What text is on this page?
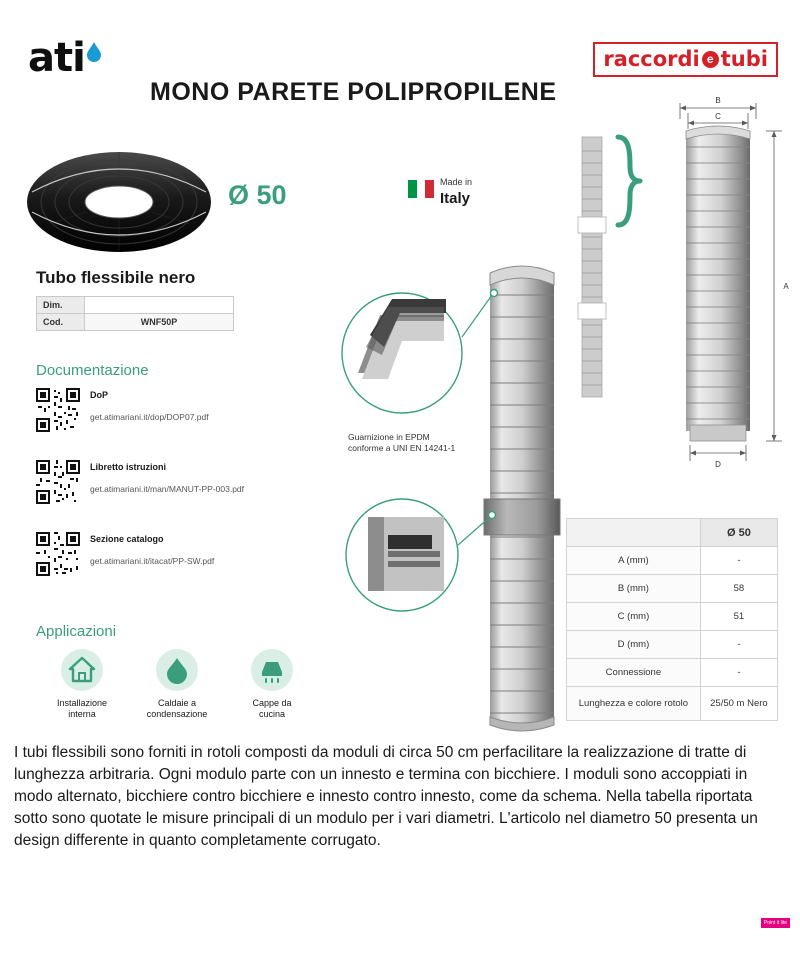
ati
MONO PARETE POLIPROPILENE
raccordi e tubi
Ø 50	Made in
Italy
Tubo flessibile nero
Dim.	
Cod.	WNF50P
Documentazione
DoP
get.atimariani.it/dop/DOP07.pdf
Libretto istruzioni
get.atimariani.it/man/MANUT-PP-003.pdf
Sezione catalogo
get.atimariani.it/itacat/PP-SW.pdf
Applicazioni
Installazione
interna
Caldaie a
condensazione
Cappe da
cucina
Guarnizione in EPDM
conforme a UNI EN 14241-1
B
C
A
D
	Ø 50
A (mm)	-
B (mm)	58
C (mm)	51
D (mm)	-
Connessione	-
Lunghezza e colore rotolo	25/50 m Nero
I tubi flessibili sono forniti in rotoli composti da moduli di circa 50 cm perfacilitare la realizzazione di tratte di lunghezza arbitraria. Ogni modulo parte con un innesto e termina con bicchiere. I moduli sono accoppiati in modo alternato, bicchiere contro bicchiere e innesto contro innesto, come da schema. Nella tabella riportata sotto sono quotate le misure principali di un modulo per i vari diametri. L'articolo nel diametro 50 presenta un design differente in quanto completamente corrugato.
Point it lite
